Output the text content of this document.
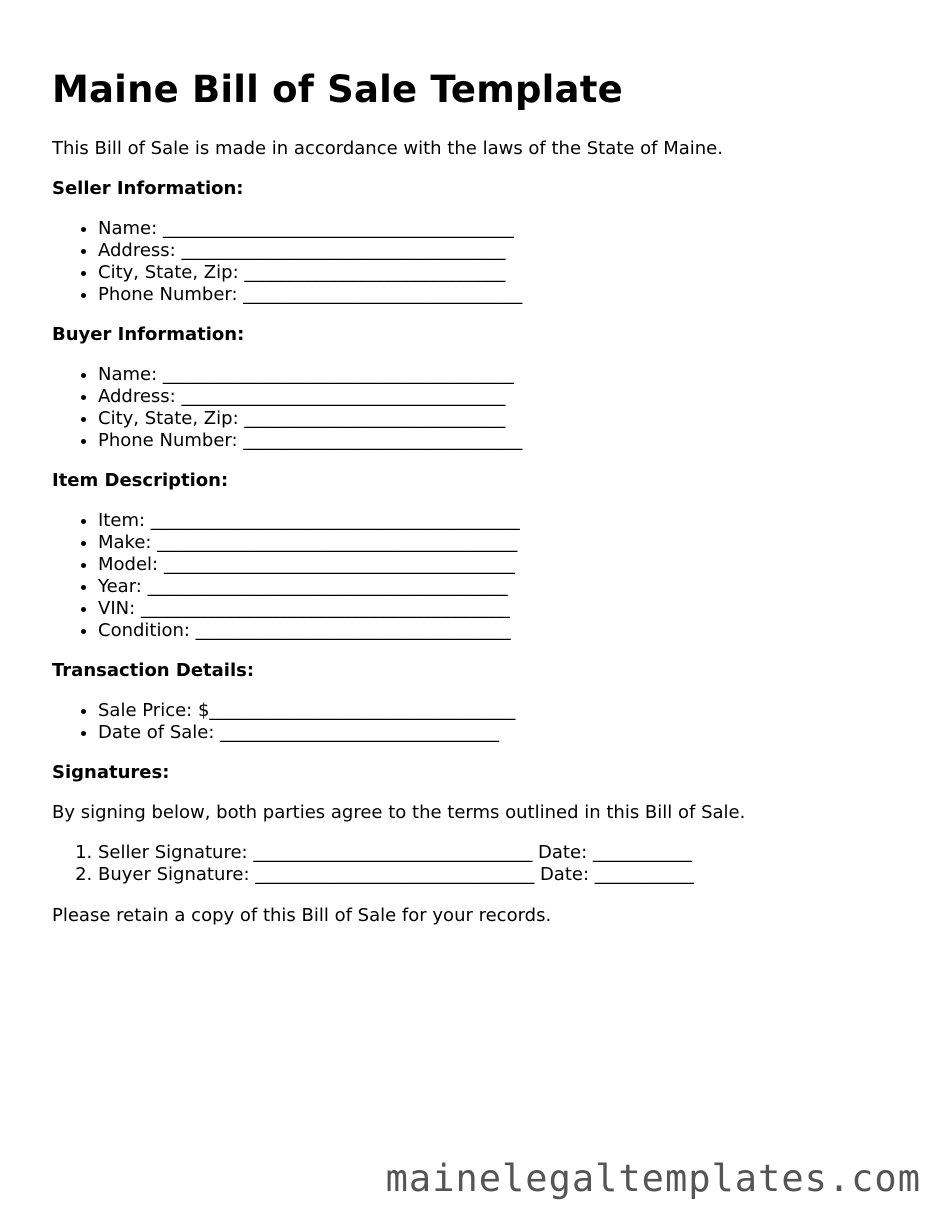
Maine Bill of Sale Template

This Bill of Sale is made in accordance with the laws of the State of Maine.

Seller Information:
• Name: _______________________________________
• Address: ____________________________________
• City, State, Zip: _____________________________
• Phone Number: _______________________________
Buyer Information:
• Name: _______________________________________
• Address: ____________________________________
• City, State, Zip: _____________________________
• Phone Number: _______________________________
Item Description:
• Item: _________________________________________
• Make: ________________________________________
• Model: _______________________________________
• Year: ________________________________________
• VIN: _________________________________________
• Condition: ___________________________________
Transaction Details:
• Sale Price: $__________________________________
• Date of Sale: _______________________________
Signatures:

By signing below, both parties agree to the terms outlined in this Bill of Sale.

1. Seller Signature: _______________________________ Date: ___________
2. Buyer Signature: _______________________________ Date: ___________

Please retain a copy of this Bill of Sale for your records.

mainelegaltemplates.com
